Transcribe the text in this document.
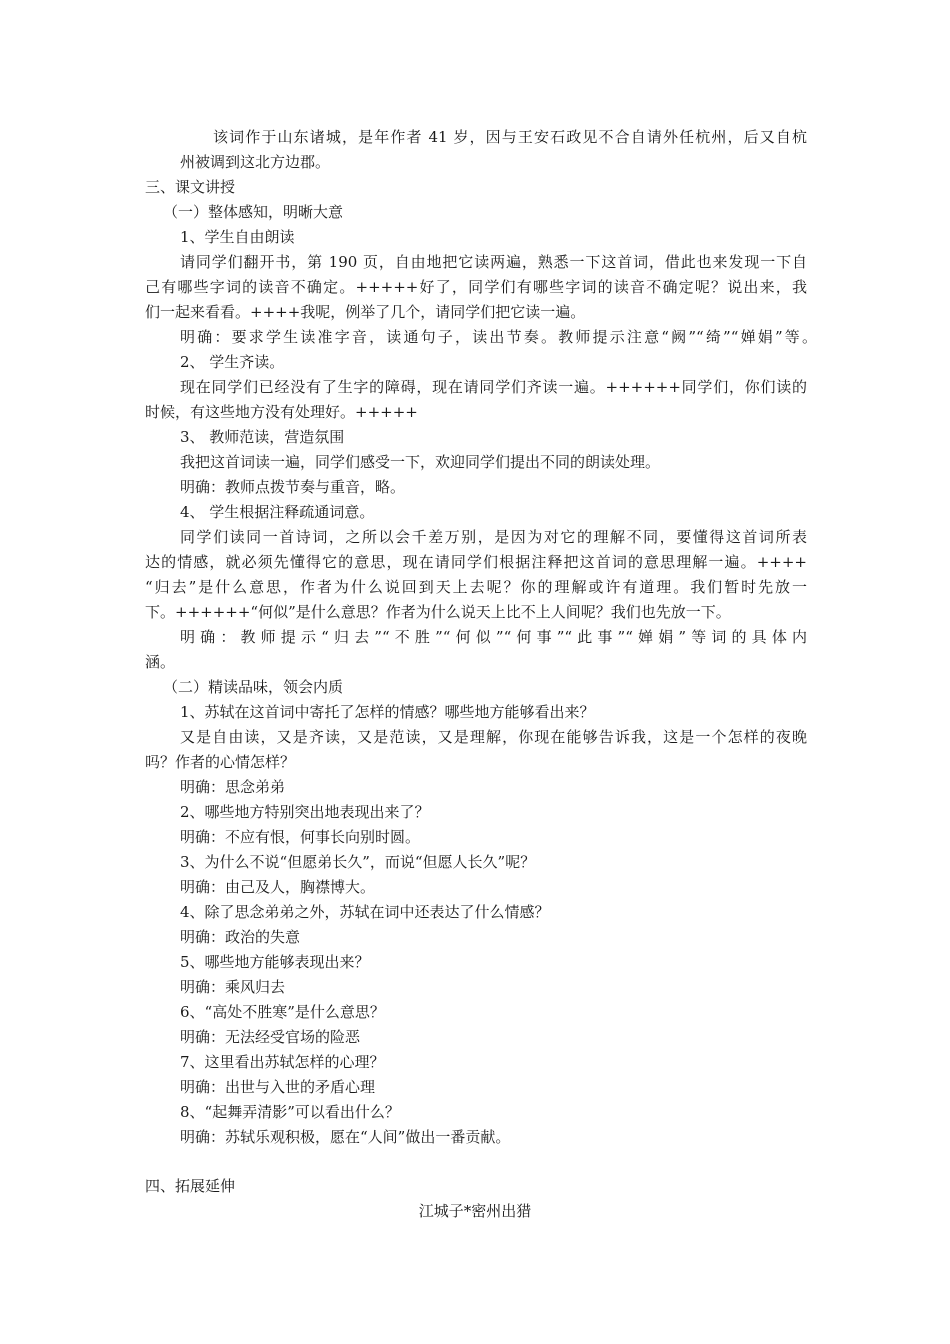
该词作于山东诸城，是年作者 41 岁，因与王安石政见不合自请外任杭州，后又自杭

州被调到这北方边郡。

三、课文讲授

（一）整体感知，明晰大意

1、学生自由朗读

请同学们翻开书，第 190 页，自由地把它读两遍，熟悉一下这首词，借此也来发现一下自

己有哪些字词的读音不确定。+++++好了，同学们有哪些字词的读音不确定呢？说出来，我

们一起来看看。++++我呢，例举了几个，请同学们把它读一遍。

明确：要求学生读准字音，读通句子，读出节奏。教师提示注意“阙”“绮”“婵娟”等。

2、 学生齐读。

现在同学们已经没有了生字的障碍，现在请同学们齐读一遍。++++++同学们，你们读的

时候，有这些地方没有处理好。+++++

3、 教师范读，营造氛围

我把这首词读一遍，同学们感受一下，欢迎同学们提出不同的朗读处理。

明确：教师点拨节奏与重音，略。

4、 学生根据注释疏通词意。

同学们读同一首诗词，之所以会千差万别，是因为对它的理解不同，要懂得这首词所表

达的情感，就必须先懂得它的意思，现在请同学们根据注释把这首词的意思理解一遍。++++

“归去”是什么意思，作者为什么说回到天上去呢？你的理解或许有道理。我们暂时先放一

下。++++++“何似”是什么意思？作者为什么说天上比不上人间呢？我们也先放一下。

明确：教师提示“归去”“不胜”“何似”“何事”“此事”“婵娟”等词的具体内

涵。

（二）精读品味，领会内质

1、苏轼在这首词中寄托了怎样的情感？哪些地方能够看出来？

又是自由读，又是齐读，又是范读，又是理解，你现在能够告诉我，这是一个怎样的夜晚

吗？作者的心情怎样？

明确：思念弟弟

2、哪些地方特别突出地表现出来了？

明确：不应有恨，何事长向别时圆。

3、为什么不说“但愿弟长久”，而说“但愿人长久”呢？

明确：由己及人，胸襟博大。

4、除了思念弟弟之外，苏轼在词中还表达了什么情感？

明确：政治的失意

5、哪些地方能够表现出来？

明确：乘风归去

6、“高处不胜寒”是什么意思？

明确：无法经受官场的险恶

7、这里看出苏轼怎样的心理？

明确：出世与入世的矛盾心理

8、“起舞弄清影”可以看出什么？

明确：苏轼乐观积极，愿在“人间”做出一番贡献。

四、拓展延伸

江城子*密州出猎
